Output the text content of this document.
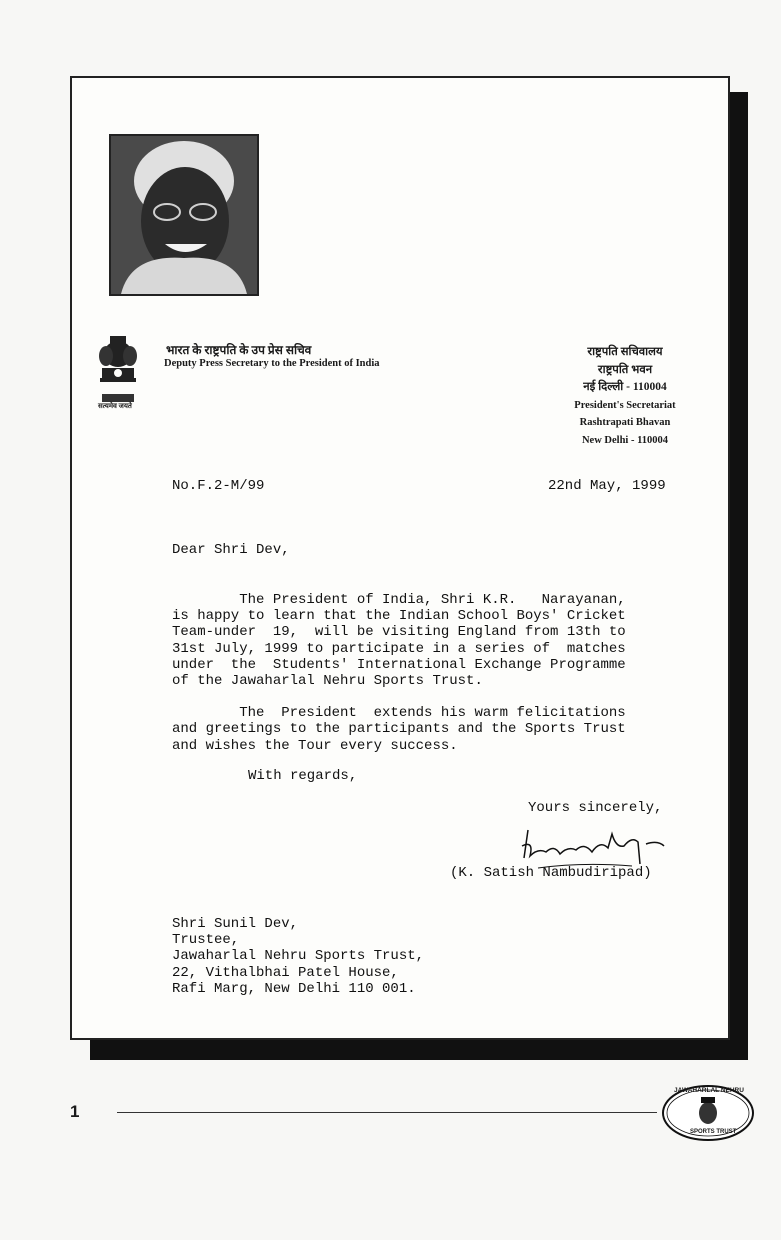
सत्यमेव जयते
भारत के राष्ट्रपति के उप प्रेस सचिव
Deputy Press Secretary to the President of India
राष्ट्रपति सचिवालय
राष्ट्रपति भवन
नई दिल्ली - 110004
President's Secretariat
Rashtrapati Bhavan
New Delhi - 110004
No.F.2-M/99	22nd May, 1999
Dear Shri Dev,
The President of India, Shri K.R.   Narayanan,
is happy to learn that the Indian School Boys' Cricket
Team-under  19,  will be visiting England from 13th to
31st July, 1999 to participate in a series of  matches
under  the  Students' International Exchange Programme
of the Jawaharlal Nehru Sports Trust.
The  President  extends his warm felicitations
and greetings to the participants and the Sports Trust
and wishes the Tour every success.
With regards,
Yours sincerely,
(K. Satish Nambudiripad)
Shri Sunil Dev,
Trustee,
Jawaharlal Nehru Sports Trust,
22, Vithalbhai Patel House,
Rafi Marg, New Delhi 110 001.
1
JAWAHARLAL NEHRU
SPORTS TRUST
